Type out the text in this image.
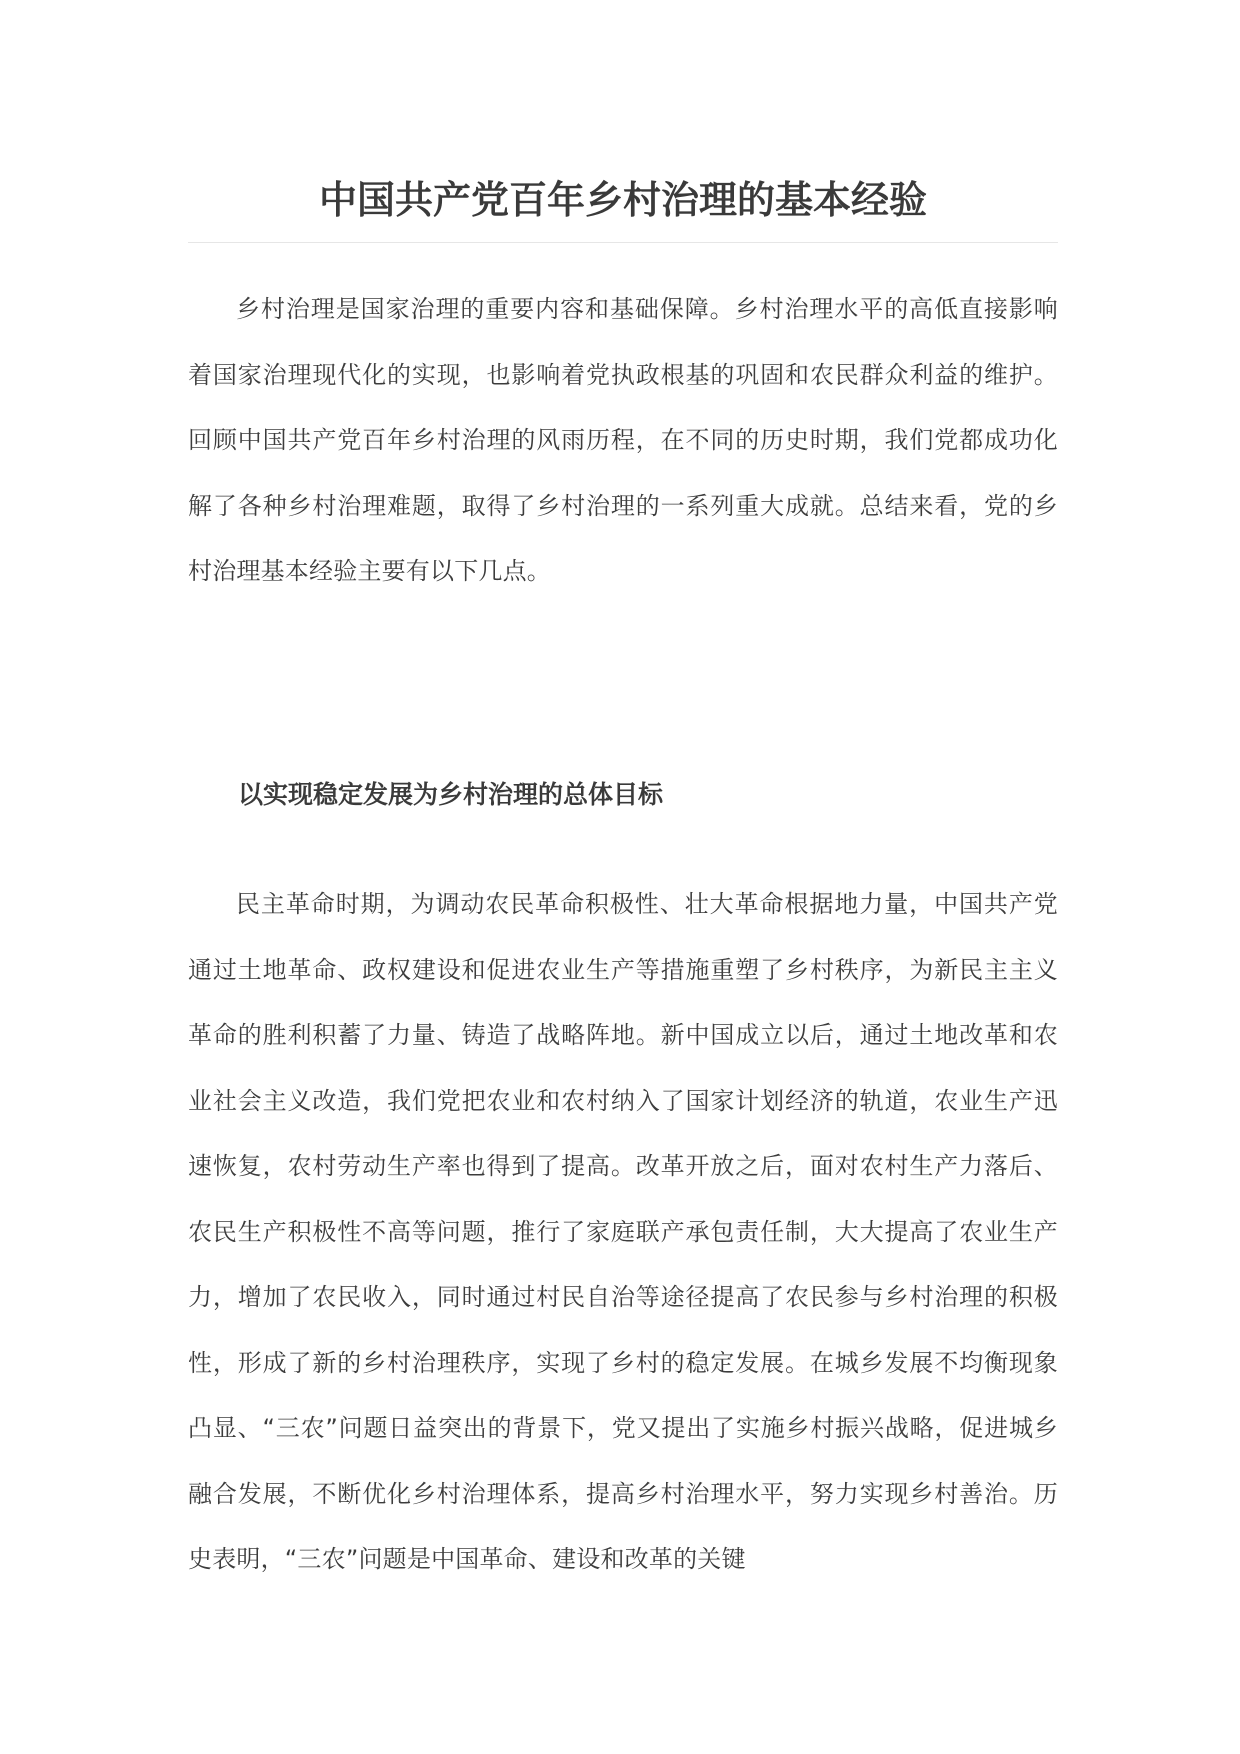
中国共产党百年乡村治理的基本经验

乡村治理是国家治理的重要内容和基础保障。乡村治理水平的高低直接影响着国家治理现代化的实现，也影响着党执政根基的巩固和农民群众利益的维护。回顾中国共产党百年乡村治理的风雨历程，在不同的历史时期，我们党都成功化解了各种乡村治理难题，取得了乡村治理的一系列重大成就。总结来看，党的乡村治理基本经验主要有以下几点。

以实现稳定发展为乡村治理的总体目标

民主革命时期，为调动农民革命积极性、壮大革命根据地力量，中国共产党通过土地革命、政权建设和促进农业生产等措施重塑了乡村秩序，为新民主主义革命的胜利积蓄了力量、铸造了战略阵地。新中国成立以后，通过土地改革和农业社会主义改造，我们党把农业和农村纳入了国家计划经济的轨道，农业生产迅速恢复，农村劳动生产率也得到了提高。改革开放之后，面对农村生产力落后、农民生产积极性不高等问题，推行了家庭联产承包责任制，大大提高了农业生产力，增加了农民收入，同时通过村民自治等途径提高了农民参与乡村治理的积极性，形成了新的乡村治理秩序，实现了乡村的稳定发展。在城乡发展不均衡现象凸显、“三农”问题日益突出的背景下，党又提出了实施乡村振兴战略，促进城乡融合发展，不断优化乡村治理体系，提高乡村治理水平，努力实现乡村善治。历史表明，“三农”问题是中国革命、建设和改革的关键
